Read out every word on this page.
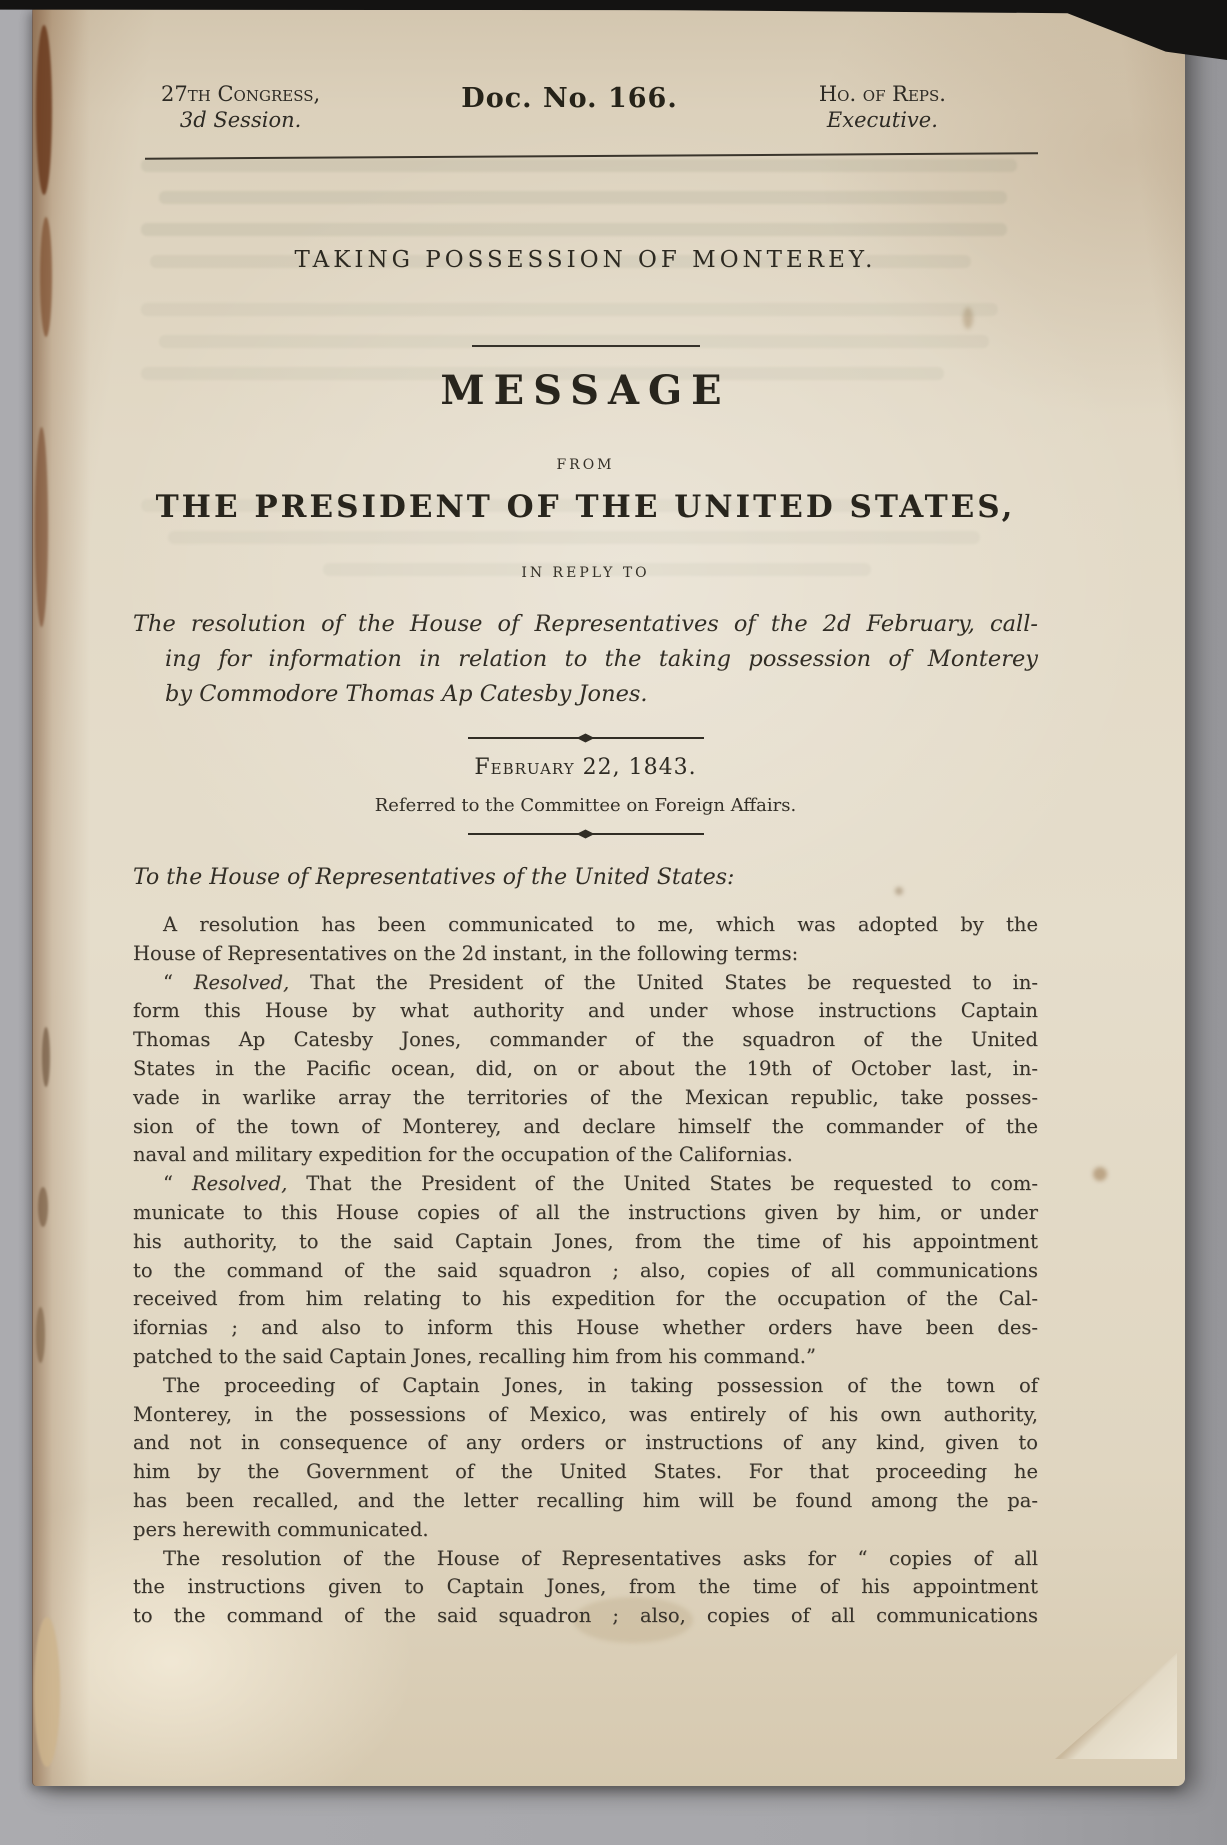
27th Congress,
3d Session.
Doc. No. 166.	Ho. of Reps.
Executive.
TAKING POSSESSION OF MONTEREY.
MESSAGE
FROM
THE PRESIDENT OF THE UNITED STATES,
IN REPLY TO
The resolution of the House of Representatives of the 2d February, call-
ing for information in relation to the taking possession of Monterey
by Commodore Thomas Ap Catesby Jones.
February 22, 1843.
Referred to the Committee on Foreign Affairs.
To the House of Representatives of the United States:
A resolution has been communicated to me, which was adopted by the
House of Representatives on the 2d instant, in the following terms:
“ Resolved, That the President of the United States be requested to in-
form this House by what authority and under whose instructions Captain
Thomas Ap Catesby Jones, commander of the squadron of the United
States in the Pacific ocean, did, on or about the 19th of October last, in-
vade in warlike array the territories of the Mexican republic, take posses-
sion of the town of Monterey, and declare himself the commander of the
naval and military expedition for the occupation of the Californias.
“ Resolved, That the President of the United States be requested to com-
municate to this House copies of all the instructions given by him, or under
his authority, to the said Captain Jones, from the time of his appointment
to the command of the said squadron ; also, copies of all communications
received from him relating to his expedition for the occupation of the Cal-
ifornias ; and also to inform this House whether orders have been des-
patched to the said Captain Jones, recalling him from his command.”
The proceeding of Captain Jones, in taking possession of the town of
Monterey, in the possessions of Mexico, was entirely of his own authority,
and not in consequence of any orders or instructions of any kind, given to
him by the Government of the United States. For that proceeding he
has been recalled, and the letter recalling him will be found among the pa-
pers herewith communicated.
The resolution of the House of Representatives asks for “ copies of all
the instructions given to Captain Jones, from the time of his appointment
to the command of the said squadron ; also, copies of all communications
